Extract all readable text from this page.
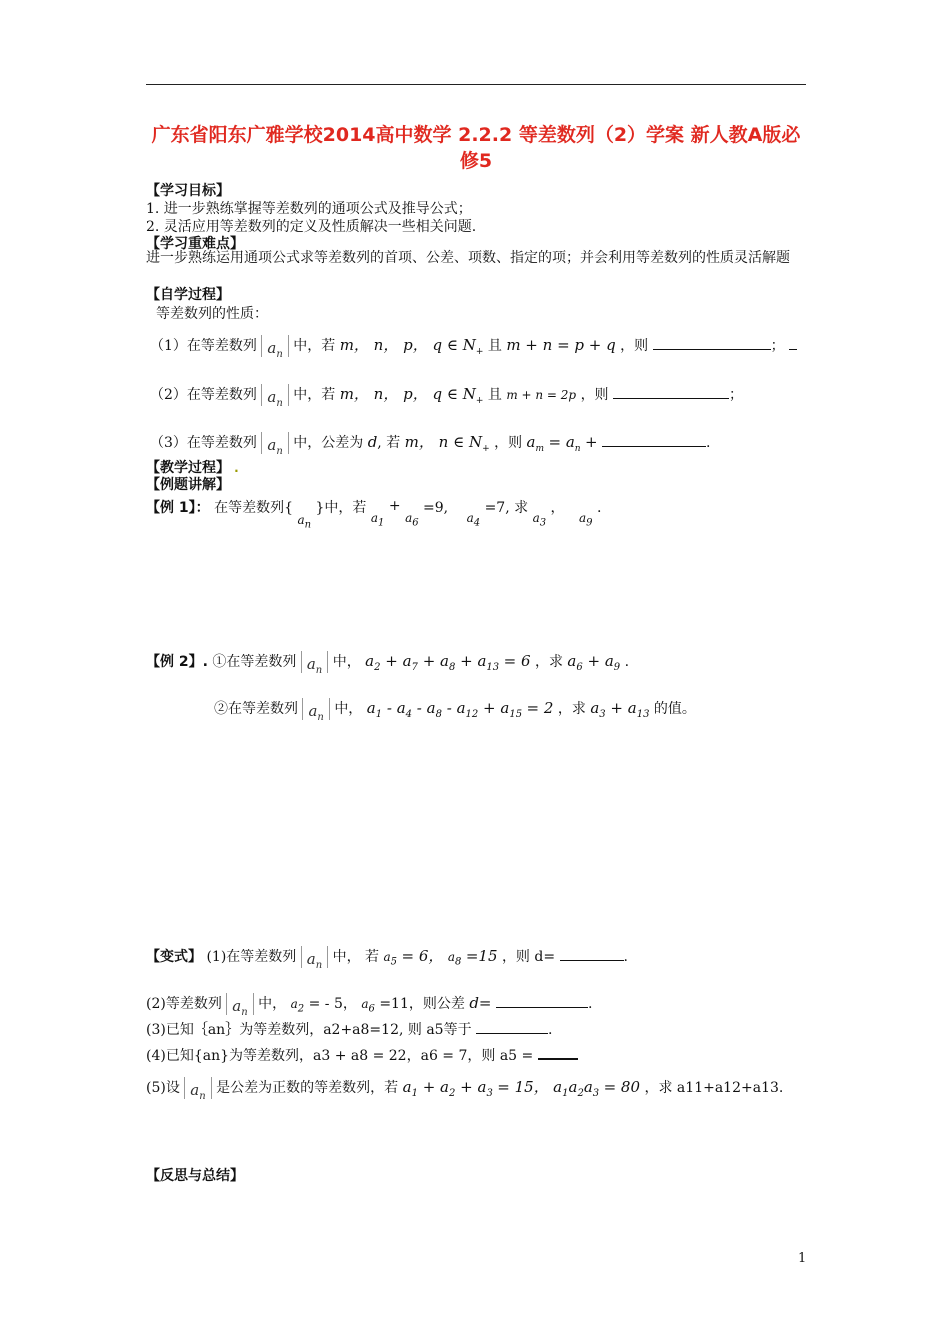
广东省阳东广雅学校2014高中数学 2.2.2 等差数列（2）学案 新人教A版必修5
【学习目标】
1. 进一步熟练掌握等差数列的通项公式及推导公式；
2. 灵活应用等差数列的定义及性质解决一些相关问题.
【学习重难点】
进一步熟练运用通项公式求等差数列的首项、公差、项数、指定的项；并会利用等差数列的性质灵活解题
【自学过程】
等差数列的性质：
（1）在等差数列 $a_n$ 中，若 m， n， p， q ∈ $N_+$ 且 m + n = p + q ，则	；
（2）在等差数列 $a_n$ 中，若 m， n， p， q ∈ $N_+$ 且 m + n = 2p ，则	；
（3）在等差数列 $a_n$ 中，公差为 d, 若 m， n ∈ $N_+$ ，则 $a_m = a_n$ +	.
【教学过程】 .
【例题讲解】
【例 1】： 在等差数列{ $a_n$ }中，若 $a_1 + a_6 =9$, $a_4 =7$, 求 $a_3$ ， $a_9$ .
【例 2】. ①在等差数列 $a_n$ 中， $a_2 + a_7 + a_8 + a_{13} = 6$ ，求 $a_6 + a_9$ .
②在等差数列 $a_n$ 中， $a_1 - a_4 - a_8 - a_{12} + a_{15} = 2$ ，求 $a_3 + a_{13}$ 的值。
【变式】 (1)在等差数列 $a_n$ 中， 若 $a_5 = 6$， $a_8 =15$ ，则 d=	.
(2)等差数列 $a_n$ 中， $a_2$ = - 5， $a_6 =11$，则公差 d=	.
(3)已知｛an｝为等差数列，a2+a8=12, 则 a5等于	.
(4)已知{an}为等差数列，a3 + a8 = 22，a6 = 7，则 a5 =
(5)设 $a_n$ 是公差为正数的等差数列，若 $a_1 + a_2 + a_3 = 15$， $a_1a_2a_3 = 80$ ，求 a11+a12+a13.
【反思与总结】
1
